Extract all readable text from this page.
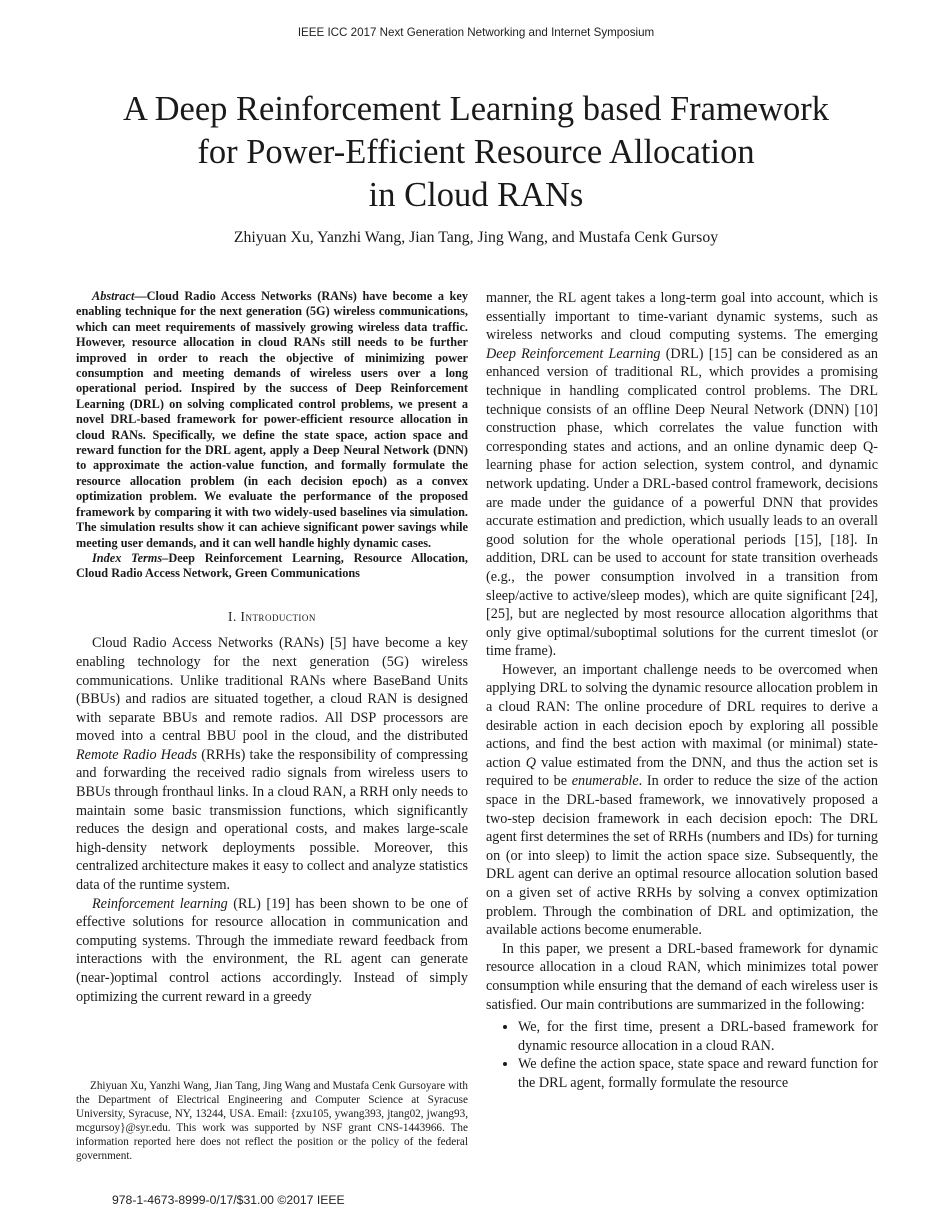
IEEE ICC 2017 Next Generation Networking and Internet Symposium
A Deep Reinforcement Learning based Framework
for Power-Efficient Resource Allocation
in Cloud RANs
Zhiyuan Xu, Yanzhi Wang, Jian Tang, Jing Wang, and Mustafa Cenk Gursoy

Abstract—Cloud Radio Access Networks (RANs) have become a key enabling technique for the next generation (5G) wireless communications, which can meet requirements of massively growing wireless data traffic. However, resource allocation in cloud RANs still needs to be further improved in order to reach the objective of minimizing power consumption and meeting demands of wireless users over a long operational period. Inspired by the success of Deep Reinforcement Learning (DRL) on solving complicated control problems, we present a novel DRL-based framework for power-efficient resource allocation in cloud RANs. Specifically, we define the state space, action space and reward function for the DRL agent, apply a Deep Neural Network (DNN) to approximate the action-value function, and formally formulate the resource allocation problem (in each decision epoch) as a convex optimization problem. We evaluate the performance of the proposed framework by comparing it with two widely-used baselines via simulation. The simulation results show it can achieve significant power savings while meeting user demands, and it can well handle highly dynamic cases.

Index Terms–Deep Reinforcement Learning, Resource Allocation, Cloud Radio Access Network, Green Communications

I. Introduction

Cloud Radio Access Networks (RANs) [5] have become a key enabling technology for the next generation (5G) wireless communications. Unlike traditional RANs where BaseBand Units (BBUs) and radios are situated together, a cloud RAN is designed with separate BBUs and remote radios. All DSP processors are moved into a central BBU pool in the cloud, and the distributed Remote Radio Heads (RRHs) take the responsibility of compressing and forwarding the received radio signals from wireless users to BBUs through fronthaul links. In a cloud RAN, a RRH only needs to maintain some basic transmission functions, which significantly reduces the design and operational costs, and makes large-scale high-density network deployments possible. Moreover, this centralized architecture makes it easy to collect and analyze statistics data of the runtime system.

Reinforcement learning (RL) [19] has been shown to be one of effective solutions for resource allocation in communication and computing systems. Through the immediate reward feedback from interactions with the environment, the RL agent can generate (near-)optimal control actions accordingly. Instead of simply optimizing the current reward in a greedy

Zhiyuan Xu, Yanzhi Wang, Jian Tang, Jing Wang and Mustafa Cenk Gursoyare with the Department of Electrical Engineering and Computer Science at Syracuse University, Syracuse, NY, 13244, USA. Email: {zxu105, ywang393, jtang02, jwang93, mcgursoy}@syr.edu. This work was supported by NSF grant CNS-1443966. The information reported here does not reflect the position or the policy of the federal government.

manner, the RL agent takes a long-term goal into account, which is essentially important to time-variant dynamic systems, such as wireless networks and cloud computing systems. The emerging Deep Reinforcement Learning (DRL) [15] can be considered as an enhanced version of traditional RL, which provides a promising technique in handling complicated control problems. The DRL technique consists of an offline Deep Neural Network (DNN) [10] construction phase, which correlates the value function with corresponding states and actions, and an online dynamic deep Q-learning phase for action selection, system control, and dynamic network updating. Under a DRL-based control framework, decisions are made under the guidance of a powerful DNN that provides accurate estimation and prediction, which usually leads to an overall good solution for the whole operational periods [15], [18]. In addition, DRL can be used to account for state transition overheads (e.g., the power consumption involved in a transition from sleep/active to active/sleep modes), which are quite significant [24], [25], but are neglected by most resource allocation algorithms that only give optimal/suboptimal solutions for the current timeslot (or time frame).

However, an important challenge needs to be overcomed when applying DRL to solving the dynamic resource allocation problem in a cloud RAN: The online procedure of DRL requires to derive a desirable action in each decision epoch by exploring all possible actions, and find the best action with maximal (or minimal) state-action Q value estimated from the DNN, and thus the action set is required to be enumerable. In order to reduce the size of the action space in the DRL-based framework, we innovatively proposed a two-step decision framework in each decision epoch: The DRL agent first determines the set of RRHs (numbers and IDs) for turning on (or into sleep) to limit the action space size. Subsequently, the DRL agent can derive an optimal resource allocation solution based on a given set of active RRHs by solving a convex optimization problem. Through the combination of DRL and optimization, the available actions become enumerable.

In this paper, we present a DRL-based framework for dynamic resource allocation in a cloud RAN, which minimizes total power consumption while ensuring that the demand of each wireless user is satisfied. Our main contributions are summarized in the following:

• We, for the first time, present a DRL-based framework for dynamic resource allocation in a cloud RAN.
• We define the action space, state space and reward function for the DRL agent, formally formulate the resource
978-1-4673-8999-0/17/$31.00 ©2017 IEEE
